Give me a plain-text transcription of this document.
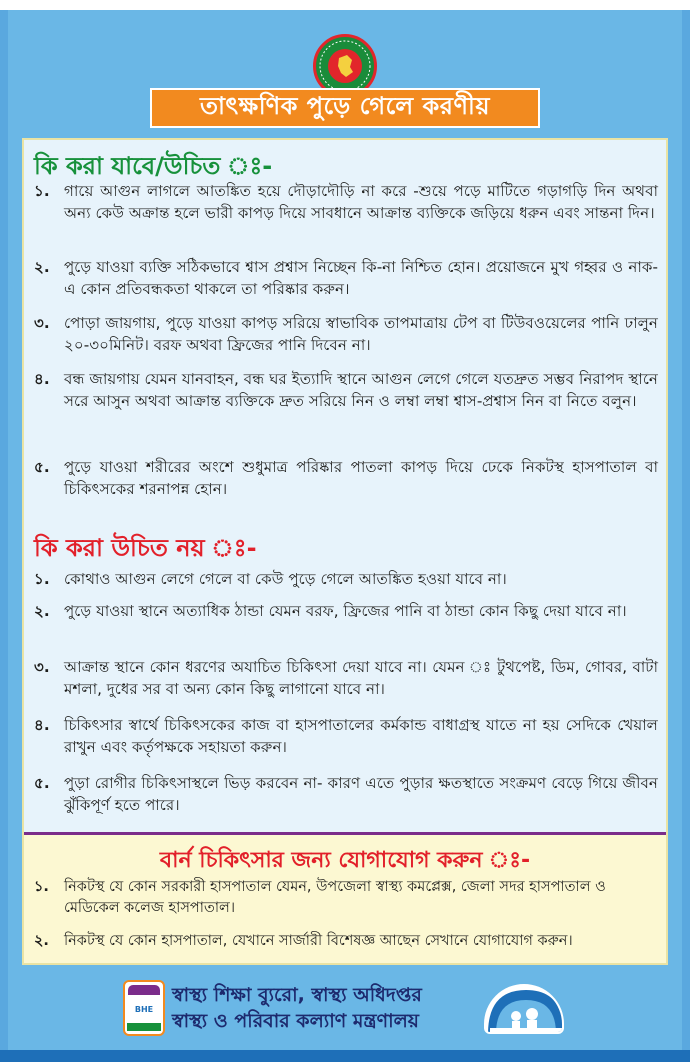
তাৎক্ষণিক পুড়ে গেলে করণীয়
কি করা যাবে/উচিত ঃ-
১. গায়ে আগুন লাগলে আতঙ্কিত হয়ে দৌড়াদৌড়ি না করে -শুয়ে পড়ে মাটিতে গড়াগড়ি দিন অথবা অন্য কেউ অক্রান্ত হলে ভারী কাপড় দিয়ে সাবধানে আক্রান্ত ব্যক্তিকে জড়িয়ে ধরুন এবং সান্তনা দিন।
২. পুড়ে যাওয়া ব্যক্তি সঠিকভাবে শ্বাস প্রশ্বাস নিচ্ছেন কি-না নিশ্চিত হোন। প্রয়োজনে মুখ গহ্বর ও নাক-এ কোন প্রতিবন্ধকতা থাকলে তা পরিষ্কার করুন।
৩. পোড়া জায়গায়, পুড়ে যাওয়া কাপড় সরিয়ে স্বাভাবিক তাপমাত্রায় টেপ বা টিউবওয়েলের পানি ঢালুন ২০-৩০মিনিট। বরফ অথবা ফ্রিজের পানি দিবেন না।
৪. বন্ধ জায়গায় যেমন যানবাহন, বন্ধ ঘর ইত্যাদি স্থানে আগুন লেগে গেলে যতদ্রুত সম্ভব নিরাপদ স্থানে সরে আসুন অথবা আক্রান্ত ব্যক্তিকে দ্রুত সরিয়ে নিন ও লম্বা লম্বা শ্বাস-প্রশ্বাস নিন বা নিতে বলুন।
৫. পুড়ে যাওয়া শরীরের অংশে শুধুমাত্র পরিষ্কার পাতলা কাপড় দিয়ে ঢেকে নিকটস্থ হাসপাতাল বা চিকিৎসকের শরনাপন্ন হোন।
কি করা উচিত নয় ঃ-
১. কোথাও আগুন লেগে গেলে বা কেউ পুড়ে গেলে আতঙ্কিত হওয়া যাবে না।
২. পুড়ে যাওয়া স্থানে অত্যাধিক ঠান্ডা যেমন বরফ, ফ্রিজের পানি বা ঠান্ডা কোন কিছু দেয়া যাবে না।
৩. আক্রান্ত স্থানে কোন ধরণের অযাচিত চিকিৎসা দেয়া যাবে না। যেমন ঃ টুথপেষ্ট, ডিম, গোবর, বাটা মশলা, দুধের সর বা অন্য কোন কিছু লাগানো যাবে না।
৪. চিকিৎসার স্বার্থে চিকিৎসকের কাজ বা হাসপাতালের কর্মকান্ড বাধাগ্রস্থ যাতে না হয় সেদিকে খেয়াল রাখুন এবং কর্তৃপক্ষকে সহায়তা করুন।
৫. পুড়া রোগীর চিকিৎসাস্থলে ভিড় করবেন না- কারণ এতে পুড়ার ক্ষতস্থাতে সংক্রমণ বেড়ে গিয়ে জীবন ঝুঁকিপূর্ণ হতে পারে।
বার্ন চিকিৎসার জন্য যোগাযোগ করুন ঃ-
১.	নিকটস্থ যে কোন সরকারী হাসপাতাল যেমন, উপজেলা স্বাস্থ্য কমপ্লেক্স, জেলা সদর হাসপাতাল ও মেডিকেল কলেজ হাসপাতাল।
২.	নিকটস্থ যে কোন হাসপাতাল, যেখানে সার্জারী বিশেষজ্ঞ আছেন সেখানে যোগাযোগ করুন।
BHE
স্বাস্থ্য শিক্ষা ব্যুরো, স্বাস্থ্য অধিদপ্তর
স্বাস্থ্য ও পরিবার কল্যাণ মন্ত্রণালয়
